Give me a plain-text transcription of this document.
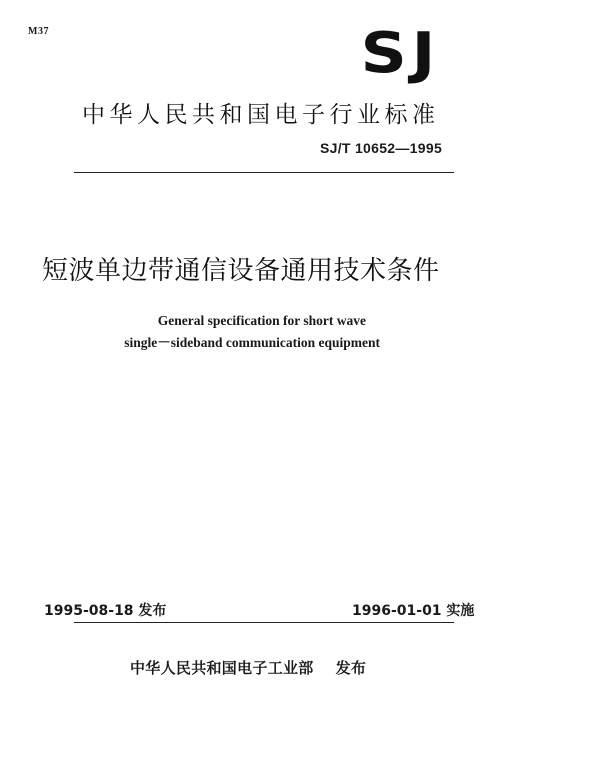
M37	SJ
中华人民共和国电子行业标准
SJ/T 10652—1995
短波单边带通信设备通用技术条件
General specification for short wave
single－sideband communication equipment
1995-08-18 发布	1996-01-01 实施
中华人民共和国电子工业部 发布
